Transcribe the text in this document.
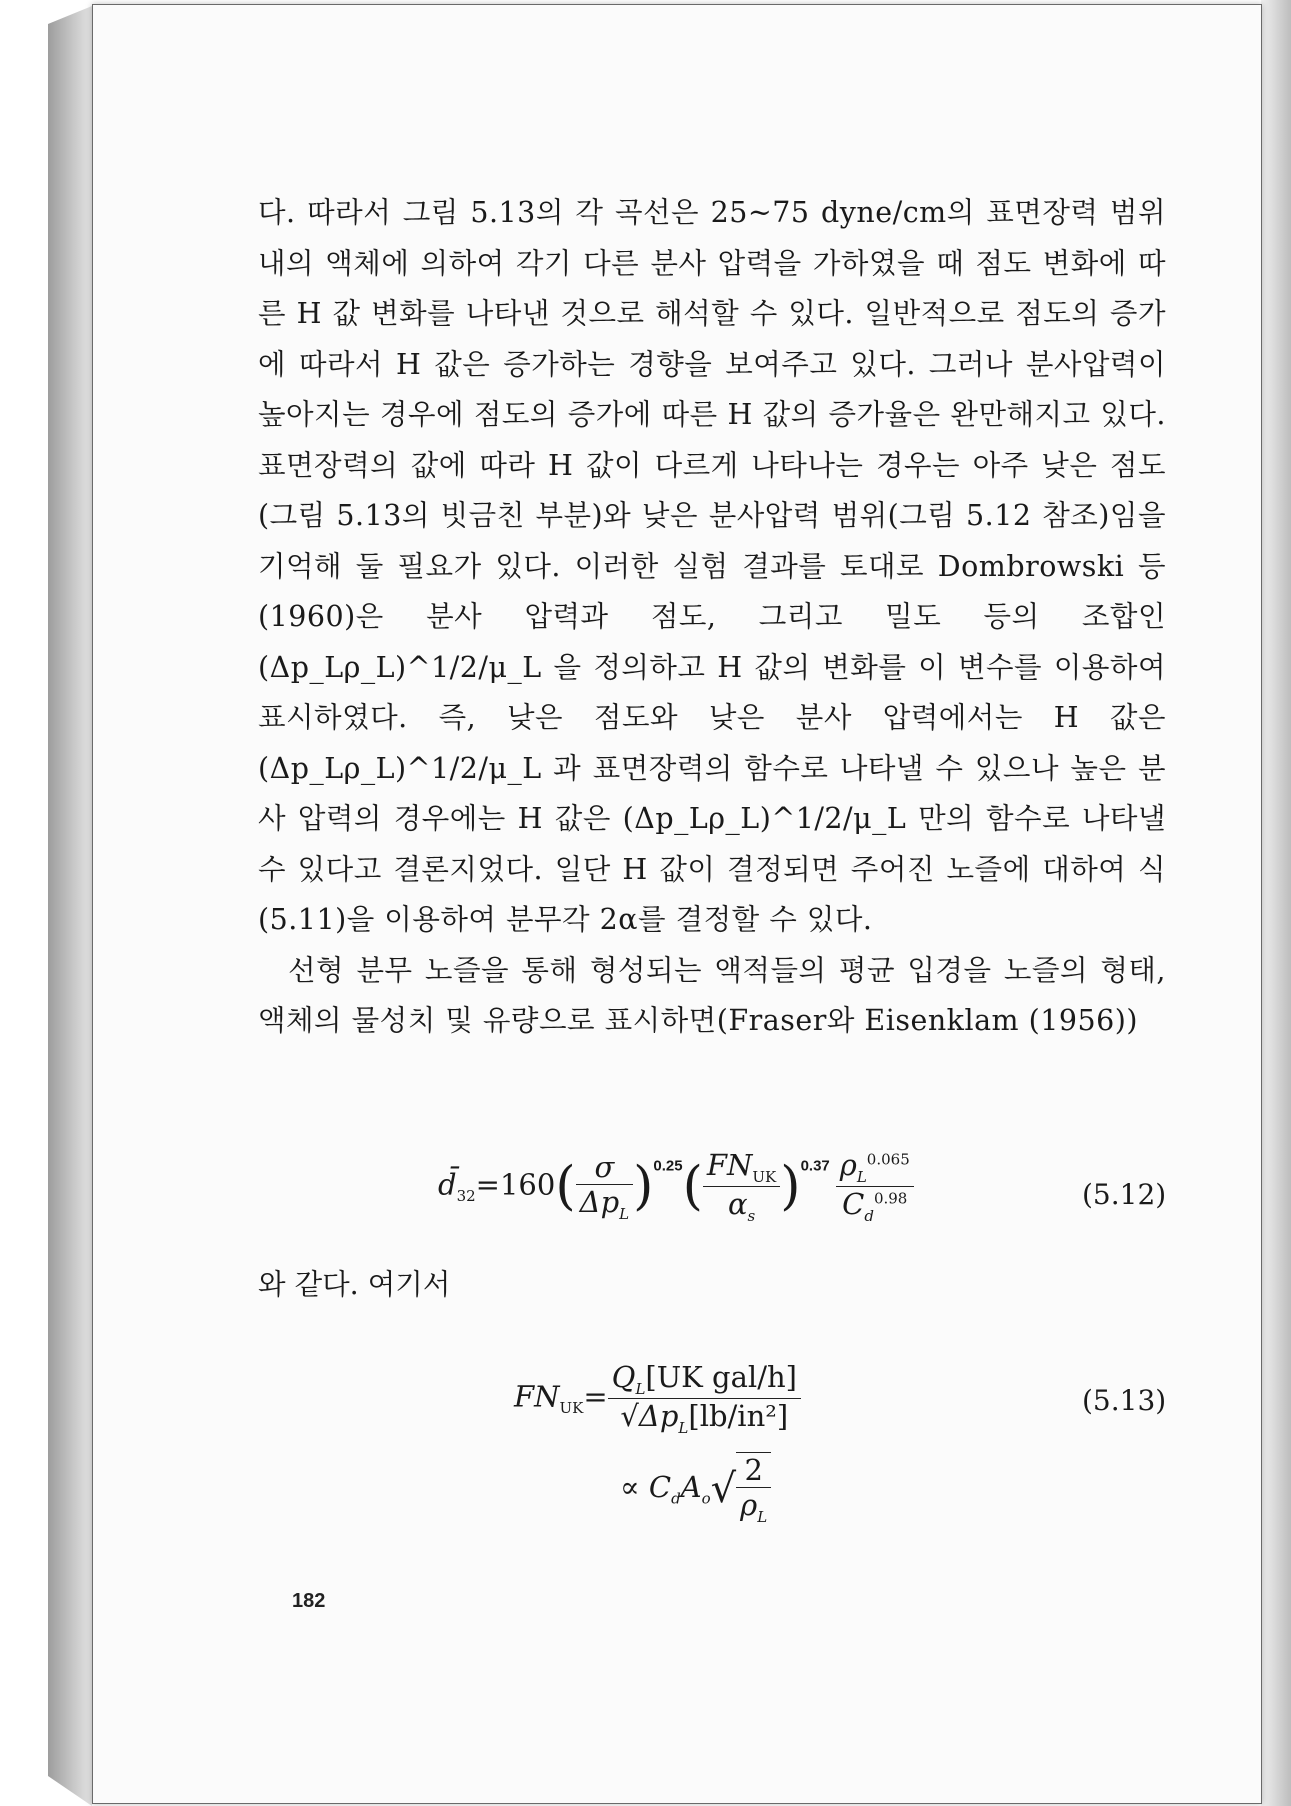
다. 따라서 그림 5.13의 각 곡선은 25~75 dyne/cm의 표면장력 범위내의 액체에 의하여 각기 다른 분사 압력을 가하였을 때 점도 변화에 따른 H 값 변화를 나타낸 것으로 해석할 수 있다. 일반적으로 점도의 증가에 따라서 H 값은 증가하는 경향을 보여주고 있다. 그러나 분사압력이 높아지는 경우에 점도의 증가에 따른 H 값의 증가율은 완만해지고 있다. 표면장력의 값에 따라 H 값이 다르게 나타나는 경우는 아주 낮은 점도(그림 5.13의 빗금친 부분)와 낮은 분사압력 범위(그림 5.12 참조)임을 기억해 둘 필요가 있다. 이러한 실험 결과를 토대로 Dombrowski 등(1960)은 분사 압력과 점도, 그리고 밀도 등의 조합인 (Δp_Lρ_L)^1/2/μ_L 을 정의하고 H 값의 변화를 이 변수를 이용하여 표시하였다. 즉, 낮은 점도와 낮은 분사 압력에서는 H 값은 (Δp_Lρ_L)^1/2/μ_L 과 표면장력의 함수로 나타낼 수 있으나 높은 분사 압력의 경우에는 H 값은 (Δp_Lρ_L)^1/2/μ_L 만의 함수로 나타낼 수 있다고 결론지었다. 일단 H 값이 결정되면 주어진 노즐에 대하여 식 (5.11)을 이용하여 분무각 2α를 결정할 수 있다.

선형 분무 노즐을 통해 형성되는 액적들의 평균 입경을 노즐의 형태, 액체의 물성치 및 유량으로 표시하면(Fraser와 Eisenklam (1956))

$d̄_{32}=160( \frac{\sigma}{\Delta p_L} )^{0.25}( \frac{FN_{UK}}{\alpha_s} )^{0.37} \frac{\rho_L^{0.065}}{C_d^{0.98}}$	(5.12)
와 같다. 여기서
$FN_{UK}= \frac{Q_L[UK gal/h]}{√\Delta p_L[lb/in^2]}$	(5.13)
∝ $C_dA_o√ \frac{2}{\rho_L}$
182
